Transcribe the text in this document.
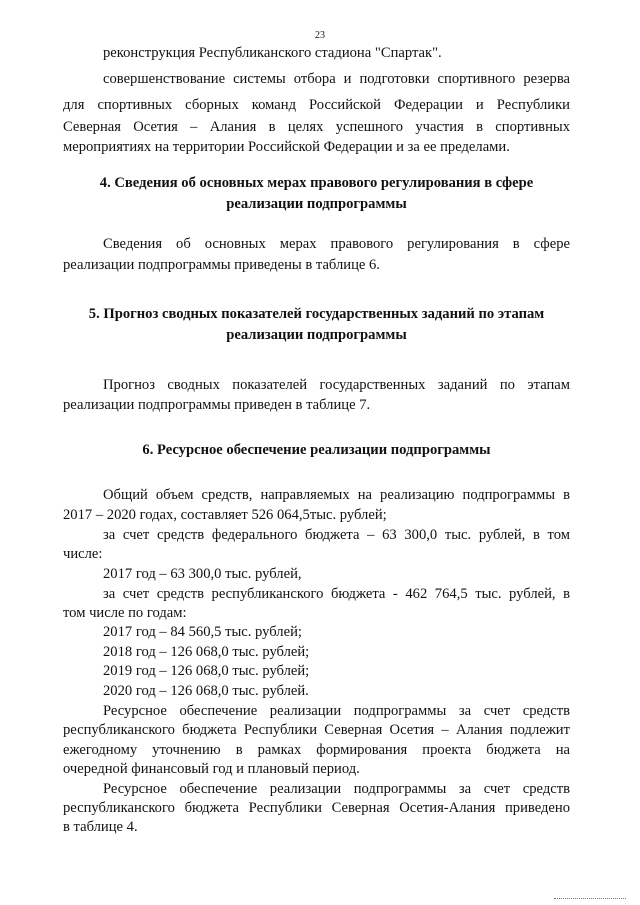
23

реконструкция Республиканского стадиона "Спартак".

совершенствование системы отбора и подготовки спортивного резерва

для спортивных сборных команд Российской Федерации и Республики

Северная Осетия – Алания в целях успешного участия в спортивных

мероприятиях на территории Российской Федерации и за ее пределами.

4. Сведения об основных мерах правового регулирования в сфере

реализации подпрограммы

Сведения об основных мерах правового регулирования в сфере

реализации подпрограммы приведены в таблице 6.

5. Прогноз сводных показателей государственных заданий по этапам

реализации подпрограммы

Прогноз сводных показателей государственных заданий по этапам

реализации подпрограммы приведен в таблице 7.

6. Ресурсное обеспечение реализации подпрограммы

Общий объем средств, направляемых на реализацию подпрограммы в

2017 – 2020 годах, составляет 526 064,5тыс. рублей;

за счет средств федерального бюджета – 63 300,0 тыс. рублей, в том

числе:

2017 год – 63 300,0 тыс. рублей,

за счет средств республиканского бюджета - 462 764,5 тыс. рублей, в

том числе по годам:

2017 год – 84 560,5 тыс. рублей;

2018 год – 126 068,0 тыс. рублей;

2019 год – 126 068,0 тыс. рублей;

2020 год – 126 068,0 тыс. рублей.

Ресурсное обеспечение реализации подпрограммы за счет средств

республиканского бюджета Республики Северная Осетия – Алания подлежит

ежегодному уточнению в рамках формирования проекта бюджета на

очередной финансовый год и плановый период.

Ресурсное обеспечение реализации подпрограммы за счет средств

республиканского бюджета Республики Северная Осетия-Алания приведено

в таблице 4.
